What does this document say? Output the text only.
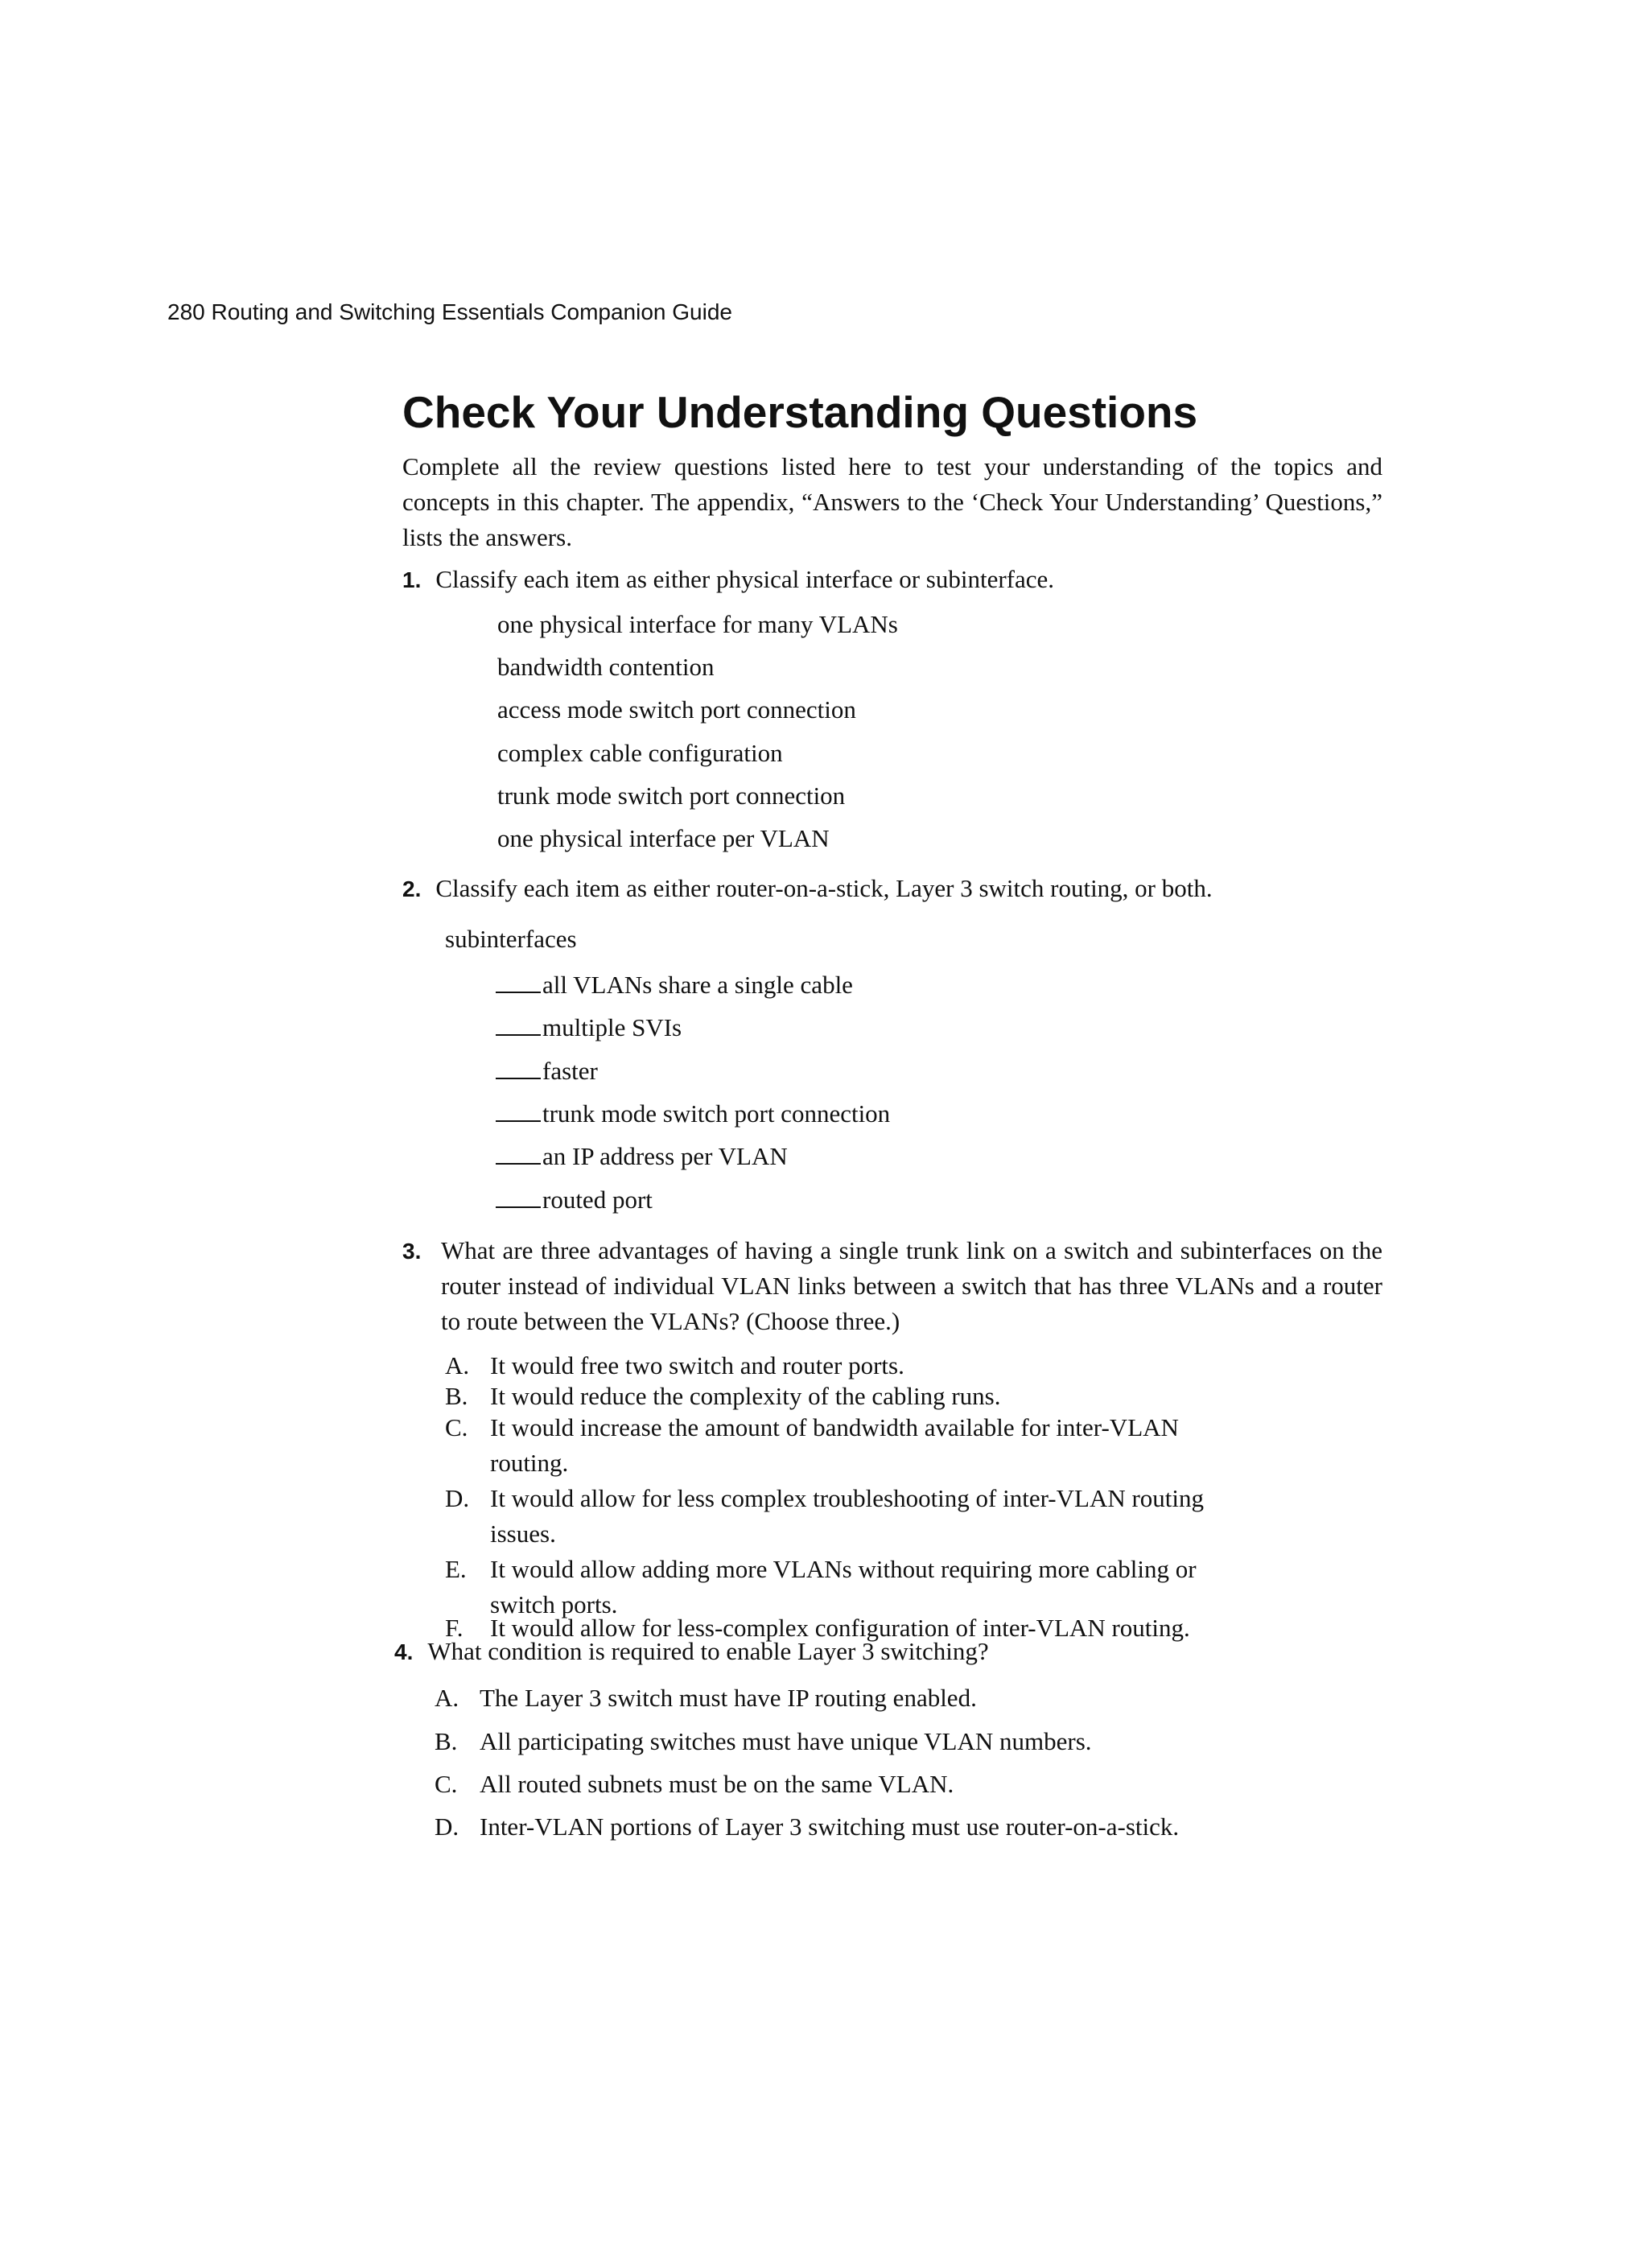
280 Routing and Switching Essentials Companion Guide
Check Your Understanding Questions
Complete all the review questions listed here to test your understanding of the topics and concepts in this chapter. The appendix, “Answers to the ‘Check Your Understanding’ Questions,” lists the answers.
1. Classify each item as either physical interface or subinterface.
one physical interface for many VLANs
bandwidth contention
access mode switch port connection
complex cable configuration
trunk mode switch port connection
one physical interface per VLAN
2. Classify each item as either router-on-a-stick, Layer 3 switch routing, or both.
subinterfaces
all VLANs share a single cable
multiple SVIs
faster
trunk mode switch port connection
an IP address per VLAN
routed port
3. What are three advantages of having a single trunk link on a switch and subinterfaces on the router instead of individual VLAN links between a switch that has three VLANs and a router to route between the VLANs? (Choose three.)
A. It would free two switch and router ports.
B. It would reduce the complexity of the cabling runs.
C. It would increase the amount of bandwidth available for inter-VLAN
routing.
D. It would allow for less complex troubleshooting of inter-VLAN routing
issues.
E. It would allow adding more VLANs without requiring more cabling or
switch ports.
F. It would allow for less-complex configuration of inter-VLAN routing.
4. What condition is required to enable Layer 3 switching?
A. The Layer 3 switch must have IP routing enabled.
B. All participating switches must have unique VLAN numbers.
C. All routed subnets must be on the same VLAN.
D. Inter-VLAN portions of Layer 3 switching must use router-on-a-stick.
